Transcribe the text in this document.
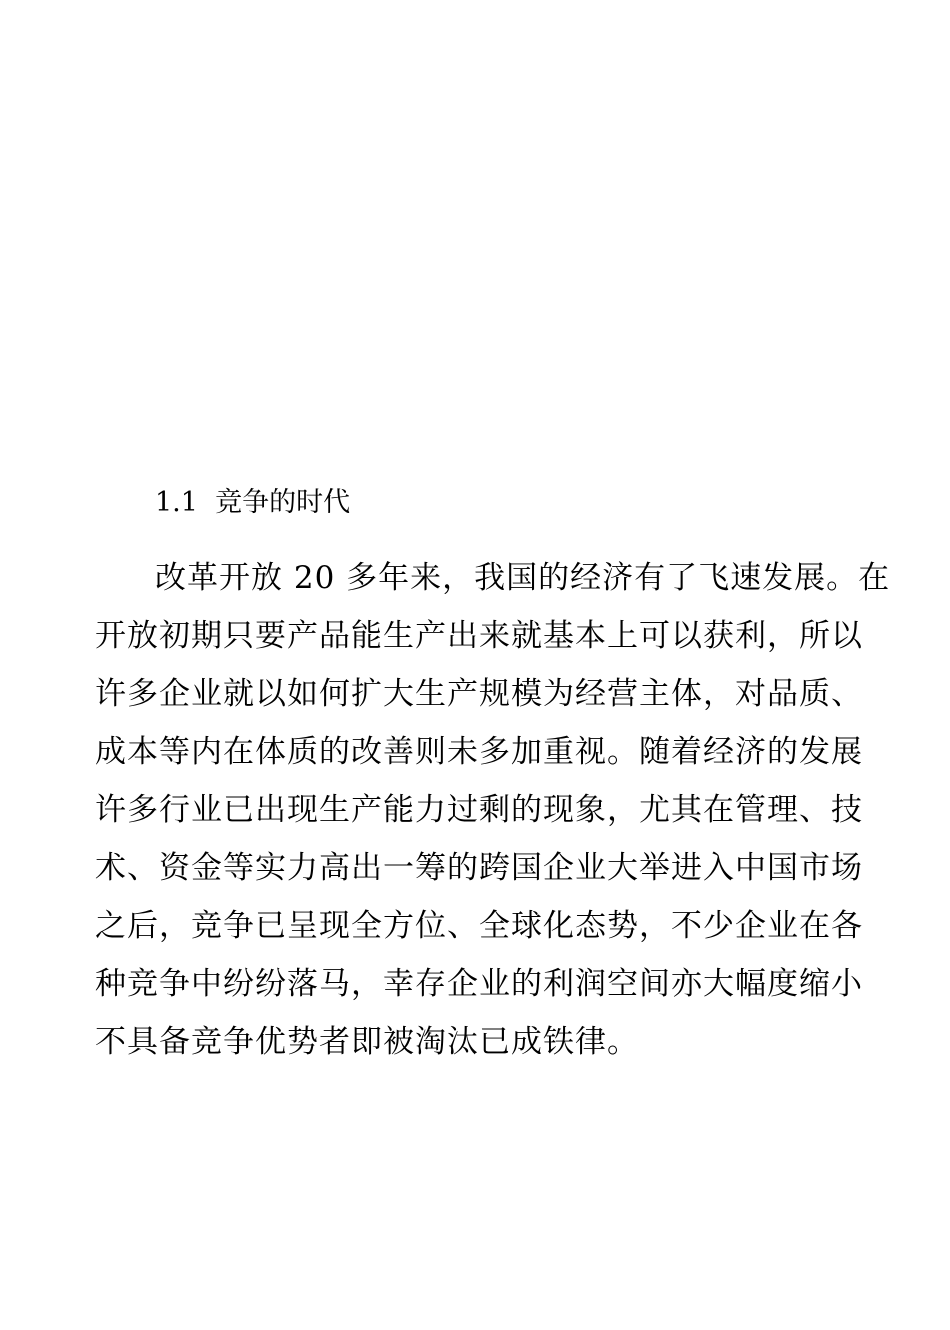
1.1 竞争的时代

改革开放 20 多年来，我国的经济有了飞速发展。在
开放初期只要产品能生产出来就基本上可以获利，所以
许多企业就以如何扩大生产规模为经营主体，对品质、
成本等内在体质的改善则未多加重视。随着经济的发展
许多行业已出现生产能力过剩的现象，尤其在管理、技
术、资金等实力高出一筹的跨国企业大举进入中国市场
之后，竞争已呈现全方位、全球化态势，不少企业在各
种竞争中纷纷落马，幸存企业的利润空间亦大幅度缩小
不具备竞争优势者即被淘汰已成铁律。
